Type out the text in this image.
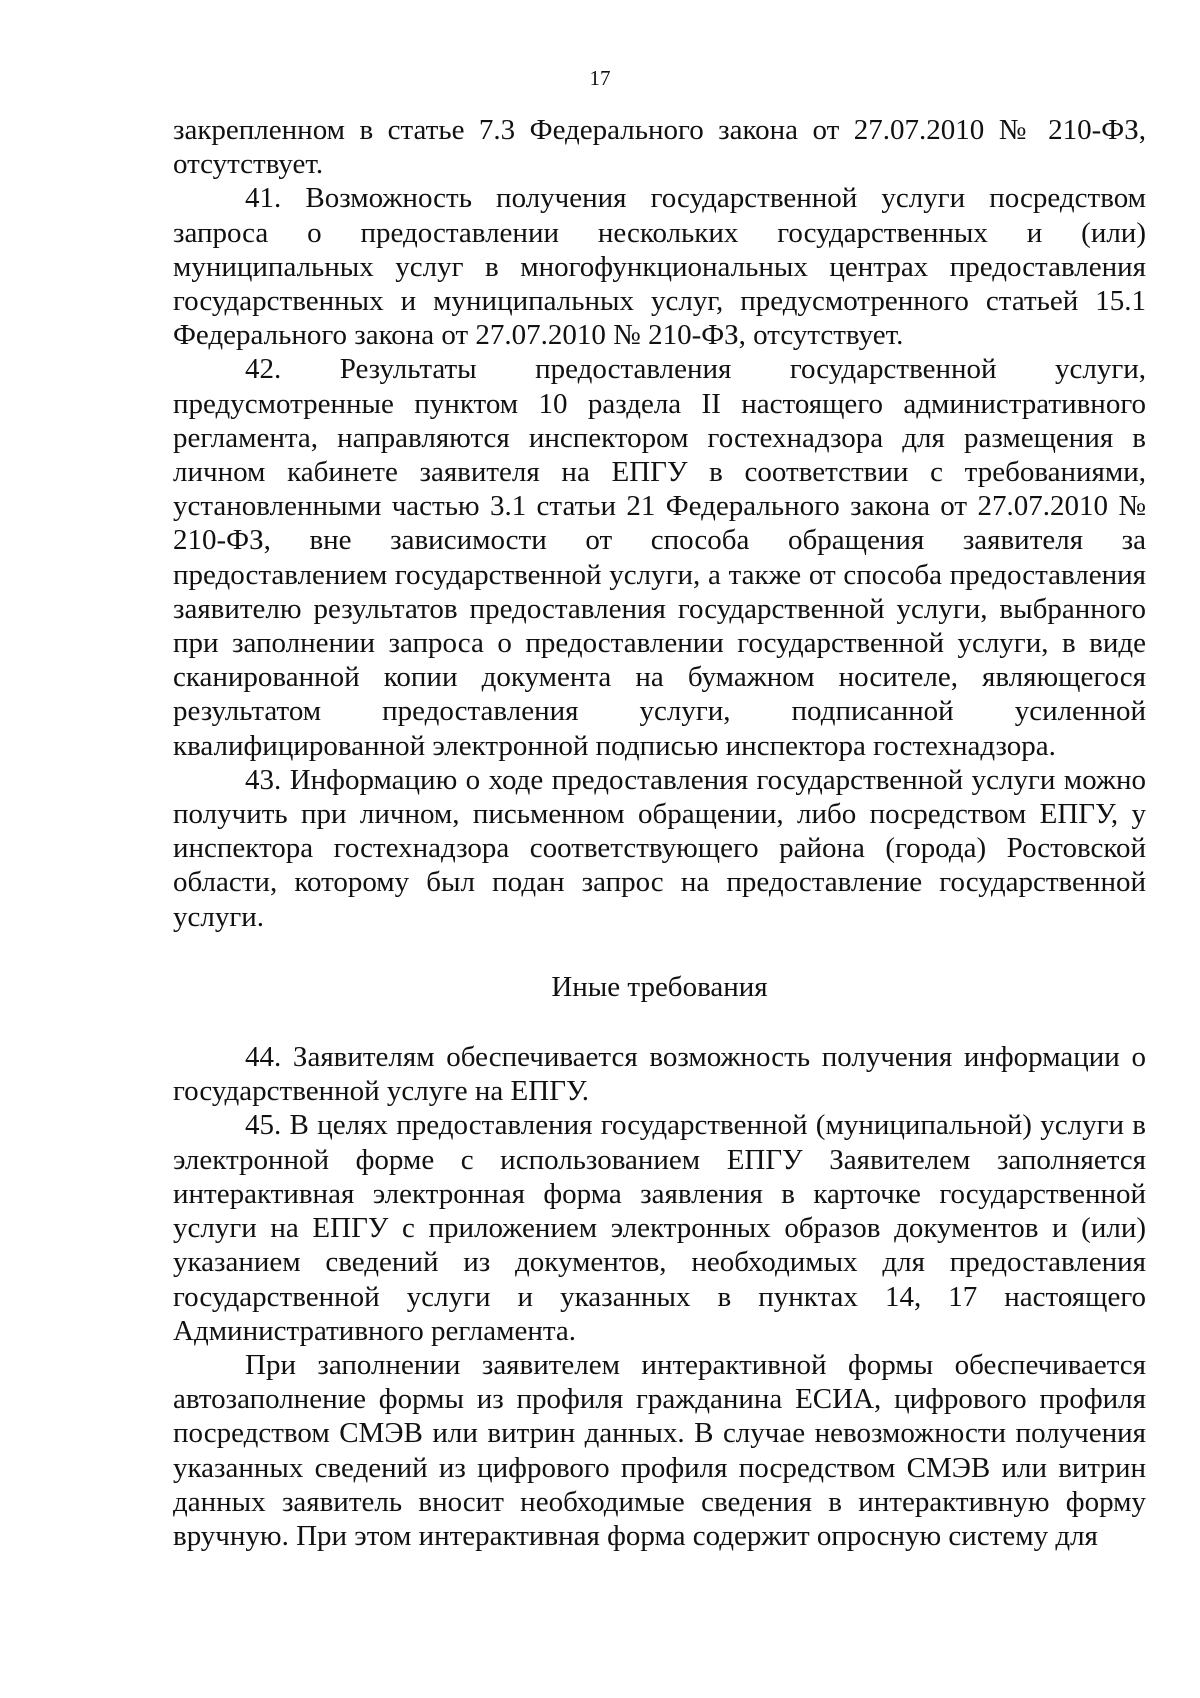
17

закрепленном в статье 7.3 Федерального закона от 27.07.2010 № 210-ФЗ, отсутствует.

41. Возможность получения государственной услуги посредством запроса о предоставлении нескольких государственных и (или) муниципальных услуг в многофункциональных центрах предоставления государственных и муниципальных услуг, предусмотренного статьей 15.1 Федерального закона от 27.07.2010 № 210-ФЗ, отсутствует.

42. Результаты предоставления государственной услуги, предусмотренные пунктом 10 раздела II настоящего административного регламента, направляются инспектором гостехнадзора для размещения в личном кабинете заявителя на ЕПГУ в соответствии с требованиями, установленными частью 3.1 статьи 21 Федерального закона от 27.07.2010 № 210-ФЗ, вне зависимости от способа обращения заявителя за предоставлением государственной услуги, а также от способа предоставления заявителю результатов предоставления государственной услуги, выбранного при заполнении запроса о предоставлении государственной услуги, в виде сканированной копии документа на бумажном носителе, являющегося результатом предоставления услуги, подписанной усиленной квалифицированной электронной подписью инспектора гостехнадзора.

43. Информацию о ходе предоставления государственной услуги можно получить при личном, письменном обращении, либо посредством ЕПГУ, у инспектора гостехнадзора соответствующего района (города) Ростовской области, которому был подан запрос на предоставление государственной услуги.

Иные требования

44. Заявителям обеспечивается возможность получения информации о государственной услуге на ЕПГУ.

45. В целях предоставления государственной (муниципальной) услуги в электронной форме с использованием ЕПГУ Заявителем заполняется интерактивная электронная форма заявления в карточке государственной услуги на ЕПГУ с приложением электронных образов документов и (или) указанием сведений из документов, необходимых для предоставления государственной услуги и указанных в пунктах 14, 17 настоящего Административного регламента.

При заполнении заявителем интерактивной формы обеспечивается автозаполнение формы из профиля гражданина ЕСИА, цифрового профиля посредством СМЭВ или витрин данных. В случае невозможности получения указанных сведений из цифрового профиля посредством СМЭВ или витрин данных заявитель вносит необходимые сведения в интерактивную форму вручную. При этом интерактивная форма содержит опросную систему для
